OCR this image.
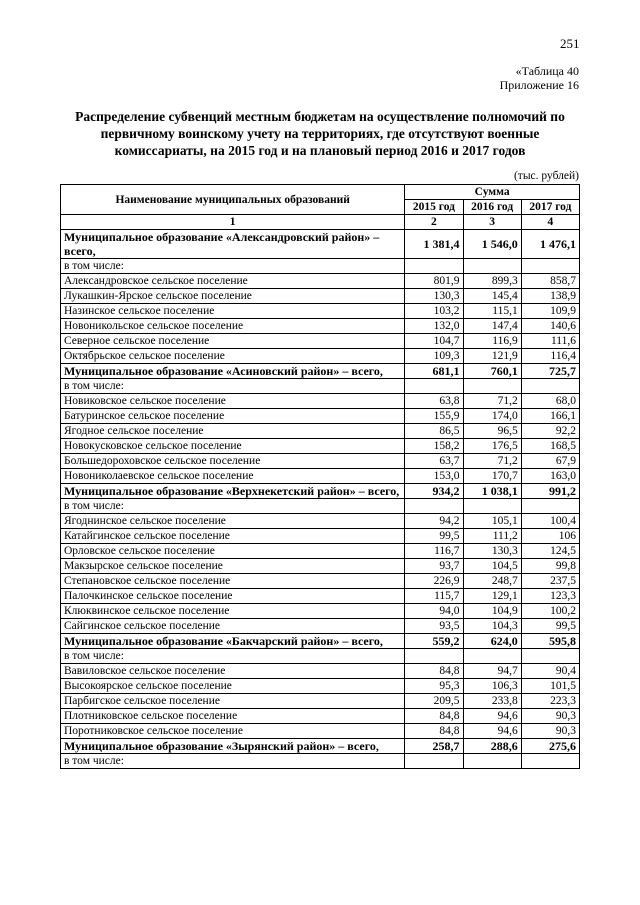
251
«Таблица 40
Приложение 16
Распределение субвенций местным бюджетам на осуществление полномочий по первичному воинскому учету на территориях, где отсутствуют военные комиссариаты, на 2015 год и на плановый период 2016 и 2017 годов
(тыс. рублей)
Наименование муниципальных образований	Сумма		
	2015 год	2016 год	2017 год
1	2	3	4
Муниципальное образование «Александровский район» – всего,	1 381,4	1 546,0	1 476,1
в том числе:			
Александровское сельское поселение	801,9	899,3	858,7
Лукашкин-Ярское сельское поселение	130,3	145,4	138,9
Назинское сельское поселение	103,2	115,1	109,9
Новоникольское сельское поселение	132,0	147,4	140,6
Северное сельское поселение	104,7	116,9	111,6
Октябрьское сельское поселение	109,3	121,9	116,4
Муниципальное образование «Асиновский район» – всего,	681,1	760,1	725,7
в том числе:			
Новиковское сельское поселение	63,8	71,2	68,0
Батуринское сельское поселение	155,9	174,0	166,1
Ягодное сельское поселение	86,5	96,5	92,2
Новокусковское сельское поселение	158,2	176,5	168,5
Большедороховское сельское поселение	63,7	71,2	67,9
Новониколаевское сельское поселение	153,0	170,7	163,0
Муниципальное образование «Верхнекетский район» – всего,	934,2	1 038,1	991,2
в том числе:			
Ягоднинское сельское поселение	94,2	105,1	100,4
Катайгинское сельское поселение	99,5	111,2	106
Орловское сельское поселение	116,7	130,3	124,5
Макзырское сельское поселение	93,7	104,5	99,8
Степановское сельское поселение	226,9	248,7	237,5
Палочкинское сельское поселение	115,7	129,1	123,3
Клюквинское сельское поселение	94,0	104,9	100,2
Сайгинское сельское поселение	93,5	104,3	99,5
Муниципальное образование «Бакчарский район» – всего,	559,2	624,0	595,8
в том числе:			
Вавиловское сельское поселение	84,8	94,7	90,4
Высокоярское сельское поселение	95,3	106,3	101,5
Парбигское сельское поселение	209,5	233,8	223,3
Плотниковское сельское поселение	84,8	94,6	90,3
Поротниковское сельское поселение	84,8	94,6	90,3
Муниципальное образование «Зырянский район» – всего,	258,7	288,6	275,6
в том числе:			
